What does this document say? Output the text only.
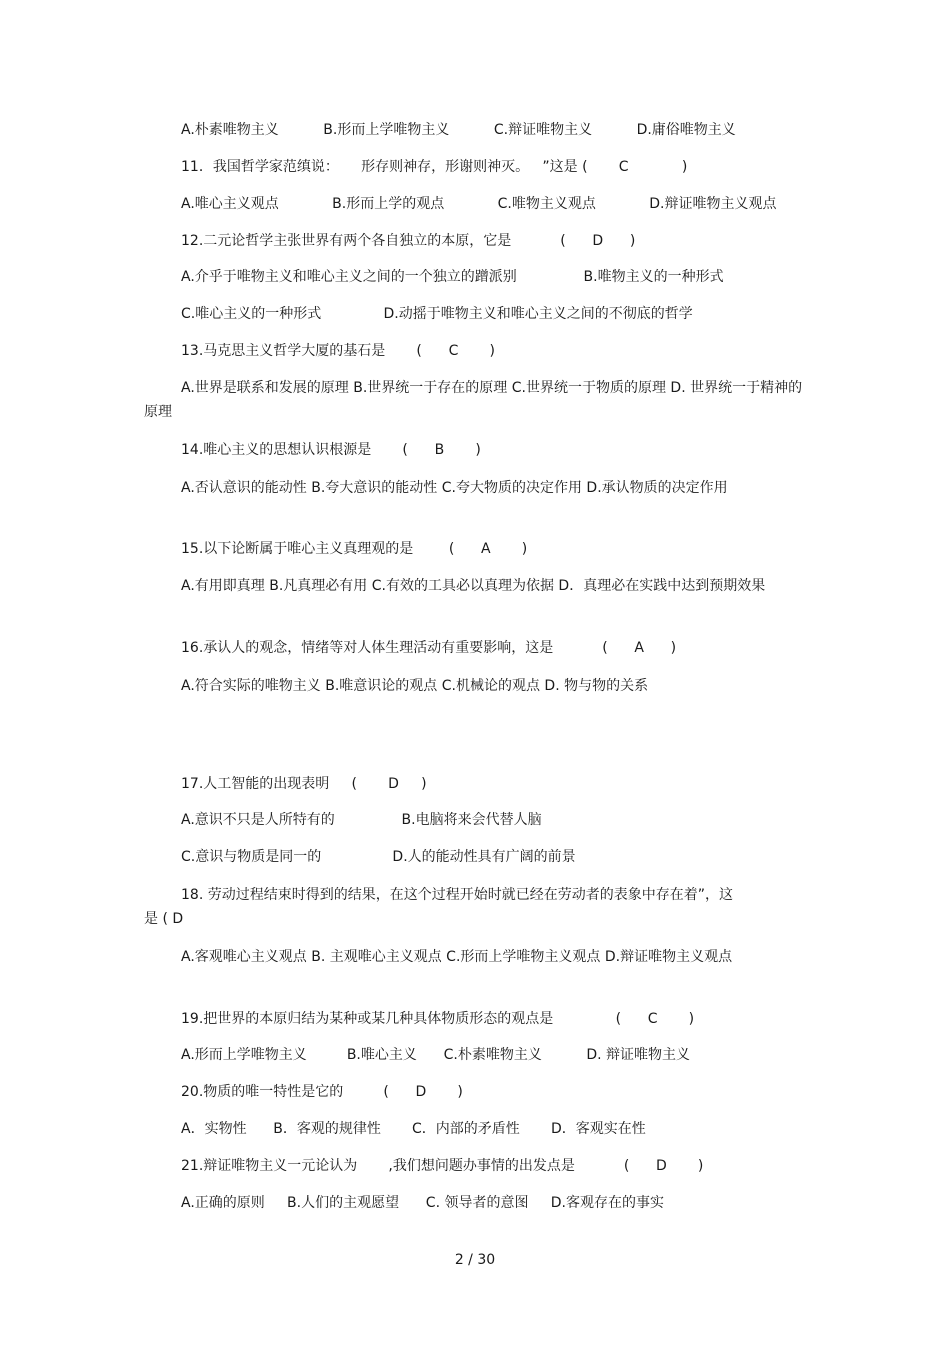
A.朴素唯物主义          B.形而上学唯物主义          C.辩证唯物主义          D.庸俗唯物主义

11．我国哲学家范缜说：     形存则神存，形谢则神灭。   ”这是 (       C            )

A.唯心主义观点            B.形而上学的观点            C.唯物主义观点            D.辩证唯物主义观点

12.二元论哲学主张世界有两个各自独立的本原，它是           (      D      )

A.介乎于唯物主义和唯心主义之间的一个独立的蹭派别               B.唯物主义的一种形式

C.唯心主义的一种形式              D.动摇于唯物主义和唯心主义之间的不彻底的哲学

13.马克思主义哲学大厦的基石是       (      C       )

A.世界是联系和发展的原理 B.世界统一于存在的原理 C.世界统一于物质的原理 D. 世界统一于精神的原理

14.唯心主义的思想认识根源是       (      B       )

A.否认意识的能动性 B.夸大意识的能动性 C.夸大物质的决定作用 D.承认物质的决定作用

15.以下论断属于唯心主义真理观的是        (      A       )

A.有用即真理 B.凡真理必有用 C.有效的工具必以真理为依据 D．真理必在实践中达到预期效果

16.承认人的观念，情绪等对人体生理活动有重要影响，这是           (      A      )

A.符合实际的唯物主义 B.唯意识论的观点 C.机械论的观点 D. 物与物的关系

17.人工智能的出现表明     (       D     )

A.意识不只是人所特有的               B.电脑将来会代替人脑

C.意识与物质是同一的                D.人的能动性具有广阔的前景

18. 劳动过程结束时得到的结果，在这个过程开始时就已经在劳动者的表象中存在着”，这是 ( D

A.客观唯心主义观点 B. 主观唯心主义观点 C.形而上学唯物主义观点 D.辩证唯物主义观点

19.把世界的本原归结为某种或某几种具体物质形态的观点是              (      C       )

A.形而上学唯物主义         B.唯心主义      C.朴素唯物主义          D. 辩证唯物主义

20.物质的唯一特性是它的         (      D       )

A．实物性      B．客观的规律性       C．内部的矛盾性       D．客观实在性

21.辩证唯物主义一元论认为       ,我们想问题办事情的出发点是           (      D       )

A.正确的原则     B.人们的主观愿望      C. 领导者的意图     D.客观存在的事实

2 / 30
